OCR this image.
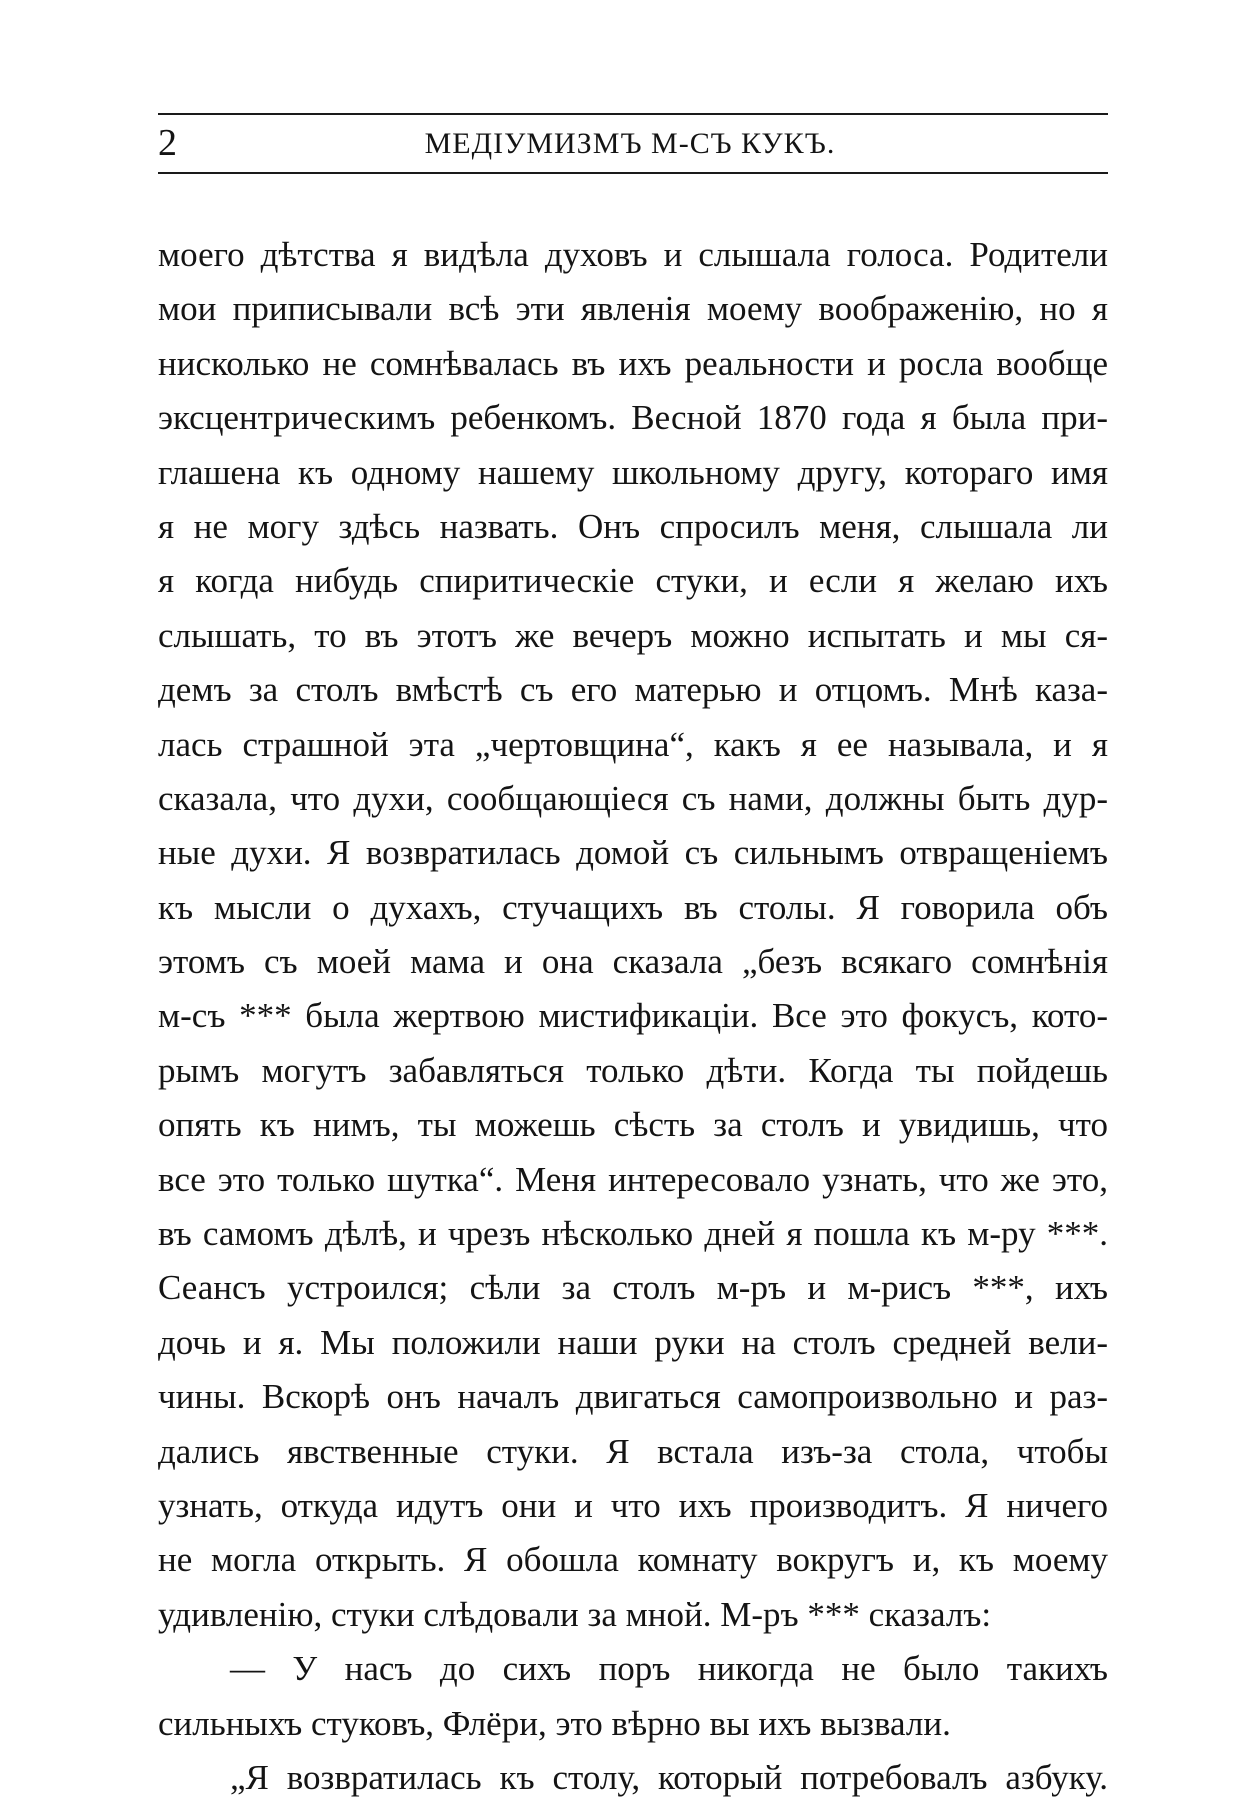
2	МЕДІУМИЗМЪ М-СЪ КУКЪ.
моего дѣтства я видѣла духовъ и слышала голоса. Родители
мои приписывали всѣ эти явленія моему воображенію, но я
нисколько не сомнѣвалась въ ихъ реальности и росла вообще
эксцентрическимъ ребенкомъ. Весной 1870 года я была при-
глашена къ одному нашему школьному другу, котораго имя
я не могу здѣсь назвать. Онъ спросилъ меня, слышала ли
я когда нибудь спиритическіе стуки, и если я желаю ихъ
слышать, то въ этотъ же вечеръ можно испытать и мы ся-
демъ за столъ вмѣстѣ съ его матерью и отцомъ. Мнѣ каза-
лась страшной эта „чертовщина“, какъ я ее называла, и я
сказала, что духи, сообщающіеся съ нами, должны быть дур-
ные духи. Я возвратилась домой съ сильнымъ отвращеніемъ
къ мысли о духахъ, стучащихъ въ столы. Я говорила объ
этомъ съ моей мама и она сказала „безъ всякаго сомнѣнія
м-съ *** была жертвою мистификаціи. Все это фокусъ, кото-
рымъ могутъ забавляться только дѣти. Когда ты пойдешь
опять къ нимъ, ты можешь сѣсть за столъ и увидишь, что
все это только шутка“. Меня интересовало узнать, что же это,
въ самомъ дѣлѣ, и чрезъ нѣсколько дней я пошла къ м-ру ***.
Сеансъ устроился; сѣли за столъ м-ръ и м-рисъ ***, ихъ
дочь и я. Мы положили наши руки на столъ средней вели-
чины. Вскорѣ онъ началъ двигаться самопроизвольно и раз-
дались явственные стуки. Я встала изъ-за стола, чтобы
узнать, откуда идутъ они и что ихъ производитъ. Я ничего
не могла открыть. Я обошла комнату вокругъ и, къ моему
удивленію, стуки слѣдовали за мной. М-ръ *** сказалъ:
— У насъ до сихъ поръ никогда не было такихъ
сильныхъ стуковъ, Флёри, это вѣрно вы ихъ вызвали.
„Я возвратилась къ столу, который потребовалъ азбуку.
